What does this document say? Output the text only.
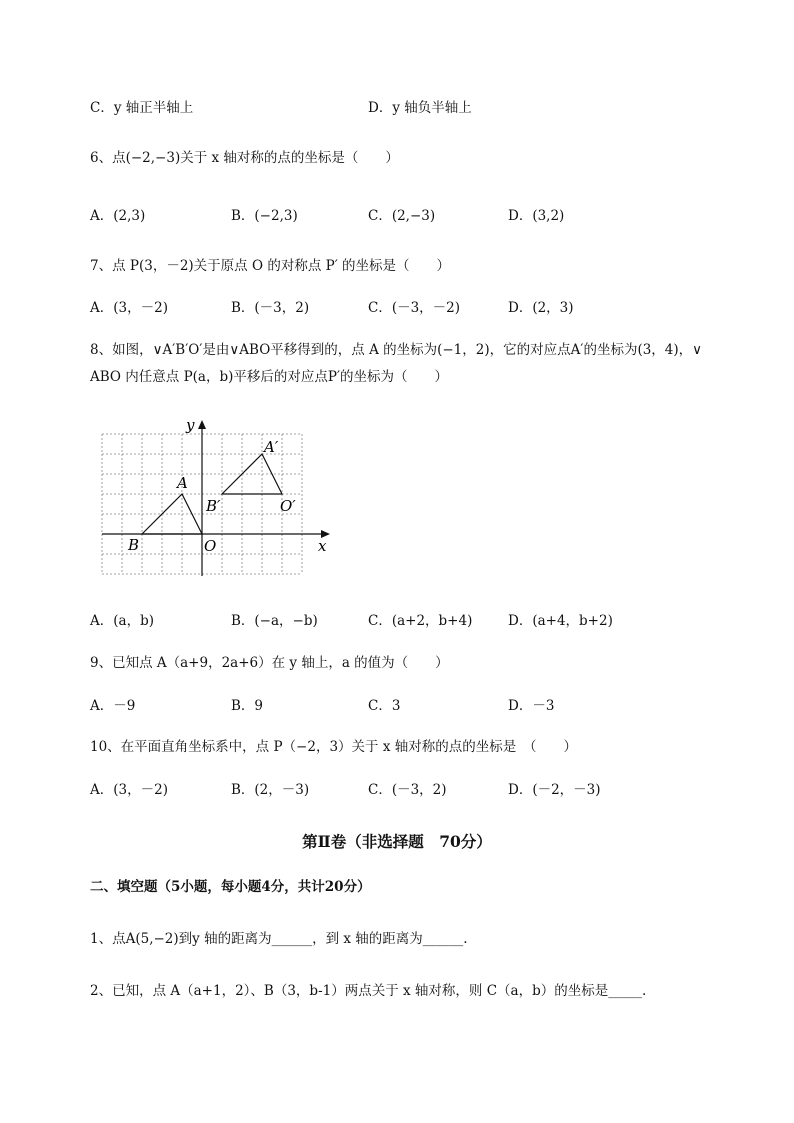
C．y 轴正半轴上	D．y 轴负半轴上
6、点(−2,−3)关于 x 轴对称的点的坐标是（　　）
A．(2,3)	B．(−2,3)	C．(2,−3)	D．(3,2)
7、点 P(3，－2)关于原点 O 的对称点 P′ 的坐标是（　　）
A．(3，－2)	B．(－3，2)	C．(－3，－2)	D．(2，3)
8、如图，∨A′B′O′是由∨ABO平移得到的，点 A 的坐标为(−1，2)，它的对应点A′的坐标为(3，4)，∨
ABO 内任意点 P(a，b)平移后的对应点P′的坐标为（　　）
y
x
A
A′
B
B′
O
O′
A．(a，b)	B．(−a，−b)	C．(a+2，b+4)	D．(a+4，b+2)
9、已知点 A（a+9，2a+6）在 y 轴上，a 的值为（　　）
A．－9	B．9	C．3	D．－3
10、在平面直角坐标系中，点 P（−2，3）关于 x 轴对称的点的坐标是　（　　）
A．(3，－2)	B．(2，－3)	C．(－3，2)	D．(－2，－3)
第Ⅱ卷（非选择题　70分）
二、填空题（5小题，每小题4分，共计20分）
1、点A(5,−2)到y 轴的距离为______，到 x 轴的距离为______.
2、已知，点 A（a+1，2）、B（3，b-1）两点关于 x 轴对称，则 C（a，b）的坐标是_____.
